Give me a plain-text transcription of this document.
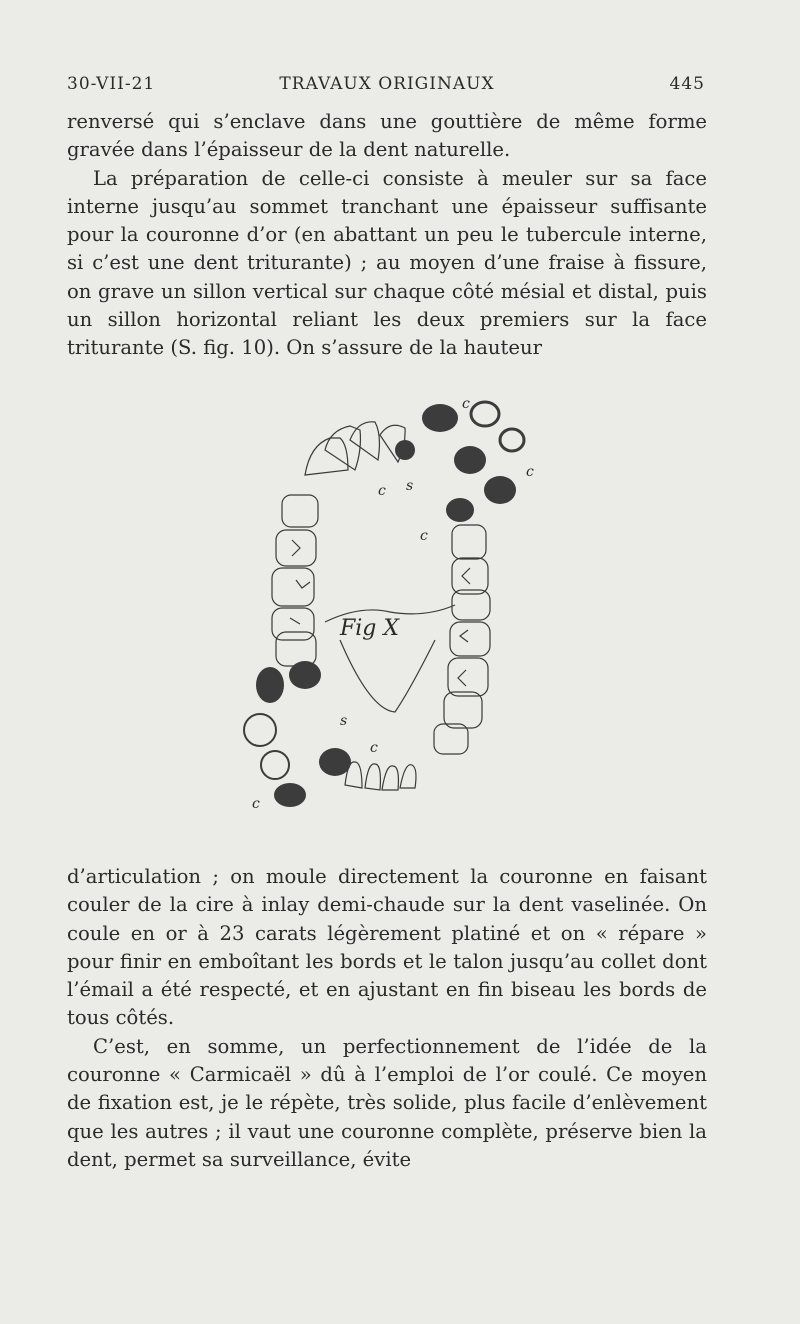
30-VII-21	TRAVAUX ORIGINAUX	445

renversé qui s’enclave dans une gouttière de même forme gravée dans l’épaisseur de la dent naturelle.

La préparation de celle-ci consiste à meuler sur sa face interne jusqu’au sommet tranchant une épaisseur suffisante pour la couronne d’or (en abattant un peu le tubercule interne, si c’est une dent triturante) ; au moyen d’une fraise à fissure, on grave un sillon vertical sur chaque côté mésial et distal, puis un sillon horizontal reliant les deux premiers sur la face triturante (S. fig. 10). On s’assure de la hauteur

Fig X
c
c
c
c
c
c
s
s

d’articulation ; on moule directement la couronne en faisant couler de la cire à inlay demi-chaude sur la dent vaselinée. On coule en or à 23 carats légèrement platiné et on « répare » pour finir en emboîtant les bords et le talon jusqu’au collet dont l’émail a été respecté, et en ajustant en fin biseau les bords de tous côtés.

C’est, en somme, un perfectionnement de l’idée de la couronne « Carmicaël » dû à l’emploi de l’or coulé. Ce moyen de fixation est, je le répète, très solide, plus facile d’enlèvement que les autres ; il vaut une couronne complète, préserve bien la dent, permet sa surveillance, évite
